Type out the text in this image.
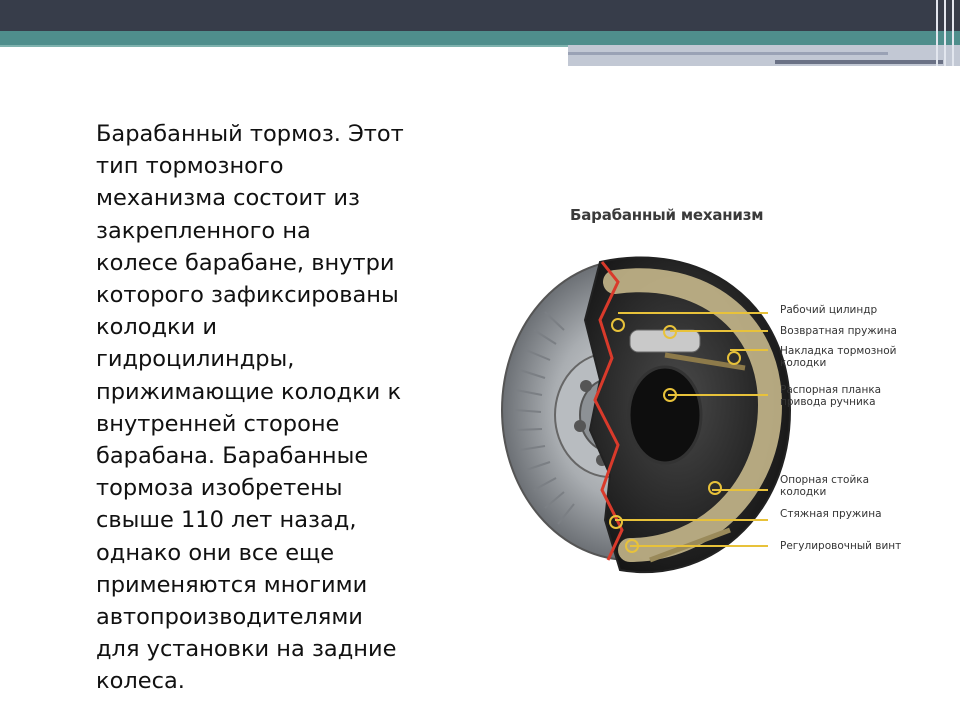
Барабанный тормоз. Этот
тип тормозного
механизма состоит из
закрепленного на
колесе барабане, внутри
которого зафиксированы
колодки и
гидроцилиндры,
прижимающие колодки к
внутренней стороне
барабана. Барабанные
тормоза изобретены
свыше 110 лет назад,
однако они все еще
применяются многими
автопроизводителями
для установки на задние
колеса.

Барабанный механизм
Рабочий цилиндр
Возвратная пружина
Накладка тормозной
колодки
Распорная планка
привода ручника
Опорная стойка
колодки
Стяжная пружина
Регулировочный винт
